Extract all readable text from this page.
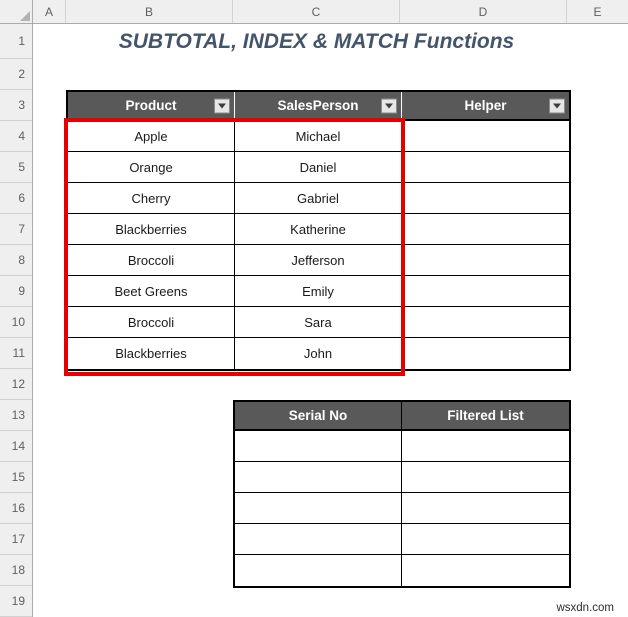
A	B	C	D	E
1
2
3
4
5
6
7
8
9
10
11
12
13
14
15
16
17
18
19
SUBTOTAL, INDEX & MATCH Functions
Product	SalesPerson	Helper

Apple	Michael	
Orange	Daniel	
Cherry	Gabriel	
Blackberries	Katherine	
Broccoli	Jefferson	
Beet Greens	Emily	
Broccoli	Sara	
Blackberries	John	
Serial No	Filtered List

wsxdn.com
